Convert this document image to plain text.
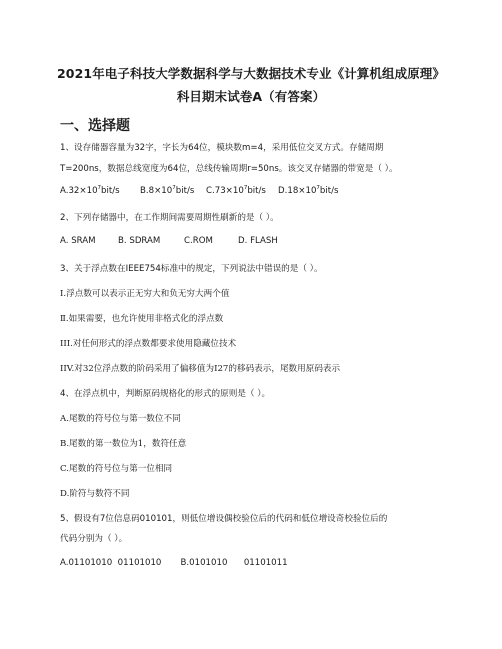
2021年电子科技大学数据科学与大数据技术专业《计算机组成原理》
科目期末试卷A（有答案）
一、选择题
1、设存储器容量为32字，字长为64位，模块数m=4，采用低位交叉方式。存储周期
T=200ns，数据总线宽度为64位，总线传输周期r=50ns。该交叉存储器的带宽是（ ）。
$A.32\times 10^7bit/s$ $B.8\times 10^7bit/s$ $C.73\times 10^7bit/s$ $D.18\times 10^7bit/s$
2、下列存储器中，在工作期间需要周期性刷新的是（ ）。
A. SRAM	B. SDRAM	C.ROM	D. FLASH
3、关于浮点数在IEEE754标准中的规定，下列说法中错误的是（ ）。
I.浮点数可以表示正无穷大和负无穷大两个值
Ⅱ.如果需要，也允许使用非格式化的浮点数
III.对任何形式的浮点数都要求使用隐藏位技术
IIV.对32位浮点数的阶码采用了偏移值为I27的移码表示，尾数用原码表示
4、在浮点机中，判断原码规格化的形式的原则是（ ）。
A.尾数的符号位与第一数位不同
B.尾数的第一数位为1，数符任意
C.尾数的符号位与第一位相同
D.阶符与数符不同
5、假设有7位信息码010101，则低位增设偶校验位后的代码和低位增设奇校验位后的
代码分别为（ ）。
A.01101010  01101010       B.0101010      01101011
